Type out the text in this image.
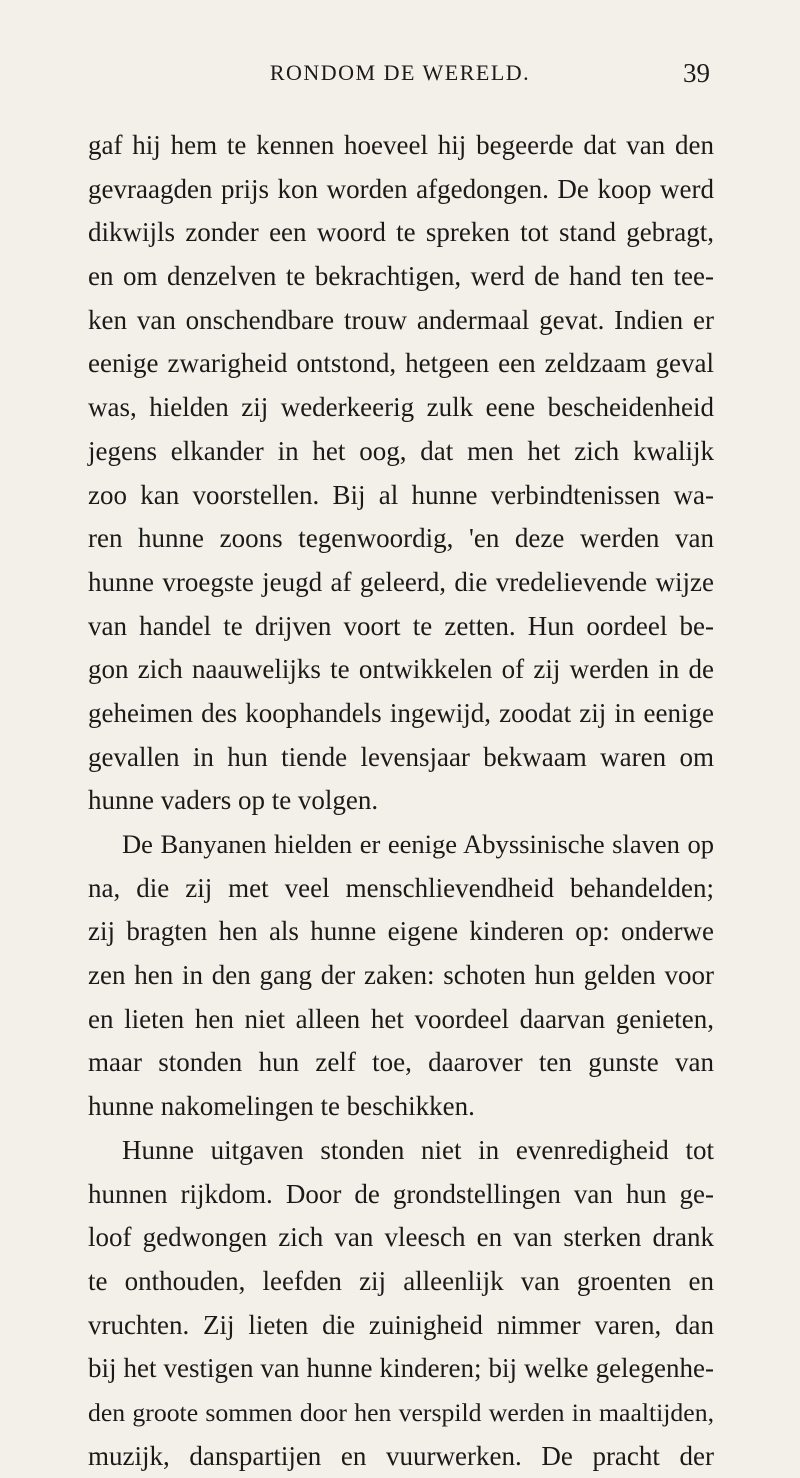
RONDOM DE WERELD.	39
gaf hij hem te kennen hoeveel hij begeerde dat van den
gevraagden prijs kon worden afgedongen. De koop werd
dikwijls zonder een woord te spreken tot stand gebragt,
en om denzelven te bekrachtigen, werd de hand ten tee-
ken van onschendbare trouw andermaal gevat. Indien er
eenige zwarigheid ontstond, hetgeen een zeldzaam geval
was, hielden zij wederkeerig zulk eene bescheidenheid
jegens elkander in het oog, dat men het zich kwalijk
zoo kan voorstellen. Bij al hunne verbindtenissen wa-
ren hunne zoons tegenwoordig, 'en deze werden van
hunne vroegste jeugd af geleerd, die vredelievende wijze
van handel te drijven voort te zetten. Hun oordeel be-
gon zich naauwelijks te ontwikkelen of zij werden in de
geheimen des koophandels ingewijd, zoodat zij in eenige
gevallen in hun tiende levensjaar bekwaam waren om
hunne vaders op te volgen.
De Banyanen hielden er eenige Abyssinische slaven op
na, die zij met veel menschlievendheid behandelden;
zij bragten hen als hunne eigene kinderen op: onderwe
zen hen in den gang der zaken: schoten hun gelden voor
en lieten hen niet alleen het voordeel daarvan genieten,
maar stonden hun zelf toe, daarover ten gunste van
hunne nakomelingen te beschikken.
Hunne uitgaven stonden niet in evenredigheid tot
hunnen rijkdom. Door de grondstellingen van hun ge-
loof gedwongen zich van vleesch en van sterken drank
te onthouden, leefden zij alleenlijk van groenten en
vruchten. Zij lieten die zuinigheid nimmer varen, dan
bij het vestigen van hunne kinderen; bij welke gelegenhe-
den groote sommen door hen verspild werden in maaltijden,
muzijk, danspartijen en vuurwerken. De pracht der
